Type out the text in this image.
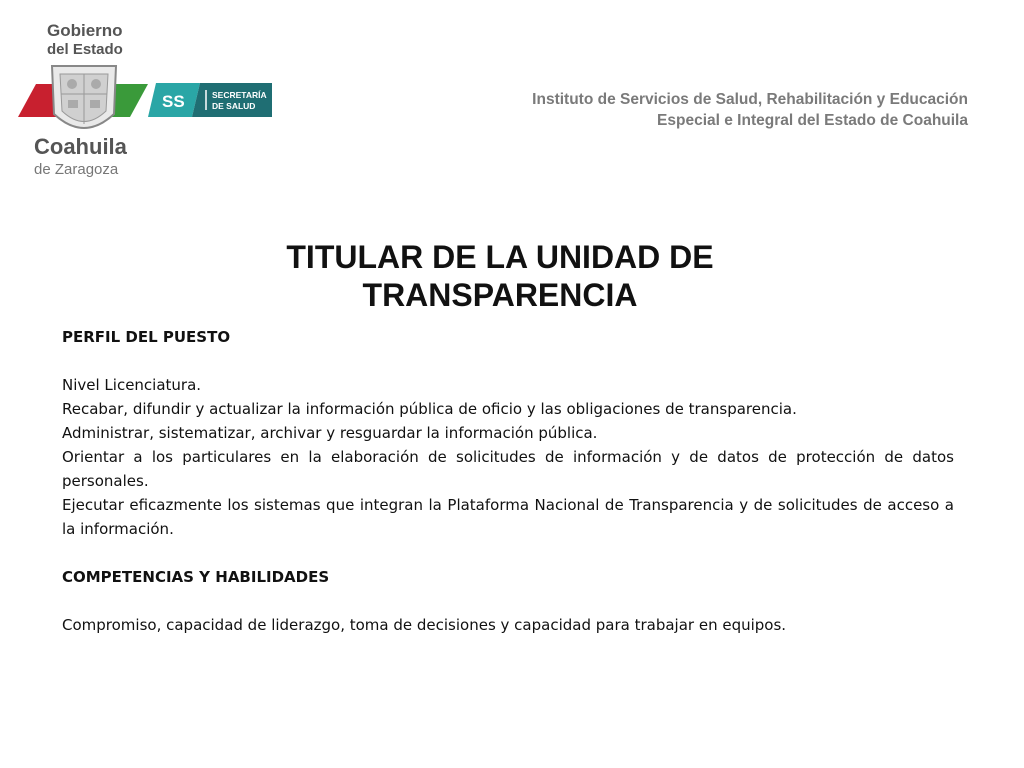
Gobierno
del Estado
Coahuila
de Zaragoza
SS	SECRETARÍA
DE SALUD	Instituto de Servicios de Salud, Rehabilitación y Educación
Especial e Integral del Estado de Coahuila
TITULAR DE LA UNIDAD DE
TRANSPARENCIA

PERFIL DEL PUESTO

Nivel Licenciatura.

Recabar, difundir y actualizar la información pública de oficio y las obligaciones de transparencia.

Administrar, sistematizar, archivar y resguardar la información pública.

Orientar a los particulares en la elaboración de solicitudes de información y de datos de protección de datos personales.

Ejecutar eficazmente los sistemas que integran la Plataforma Nacional de Transparencia y de solicitudes de acceso a la información.

COMPETENCIAS Y HABILIDADES

Compromiso, capacidad de liderazgo, toma de decisiones y capacidad para trabajar en equipos.
